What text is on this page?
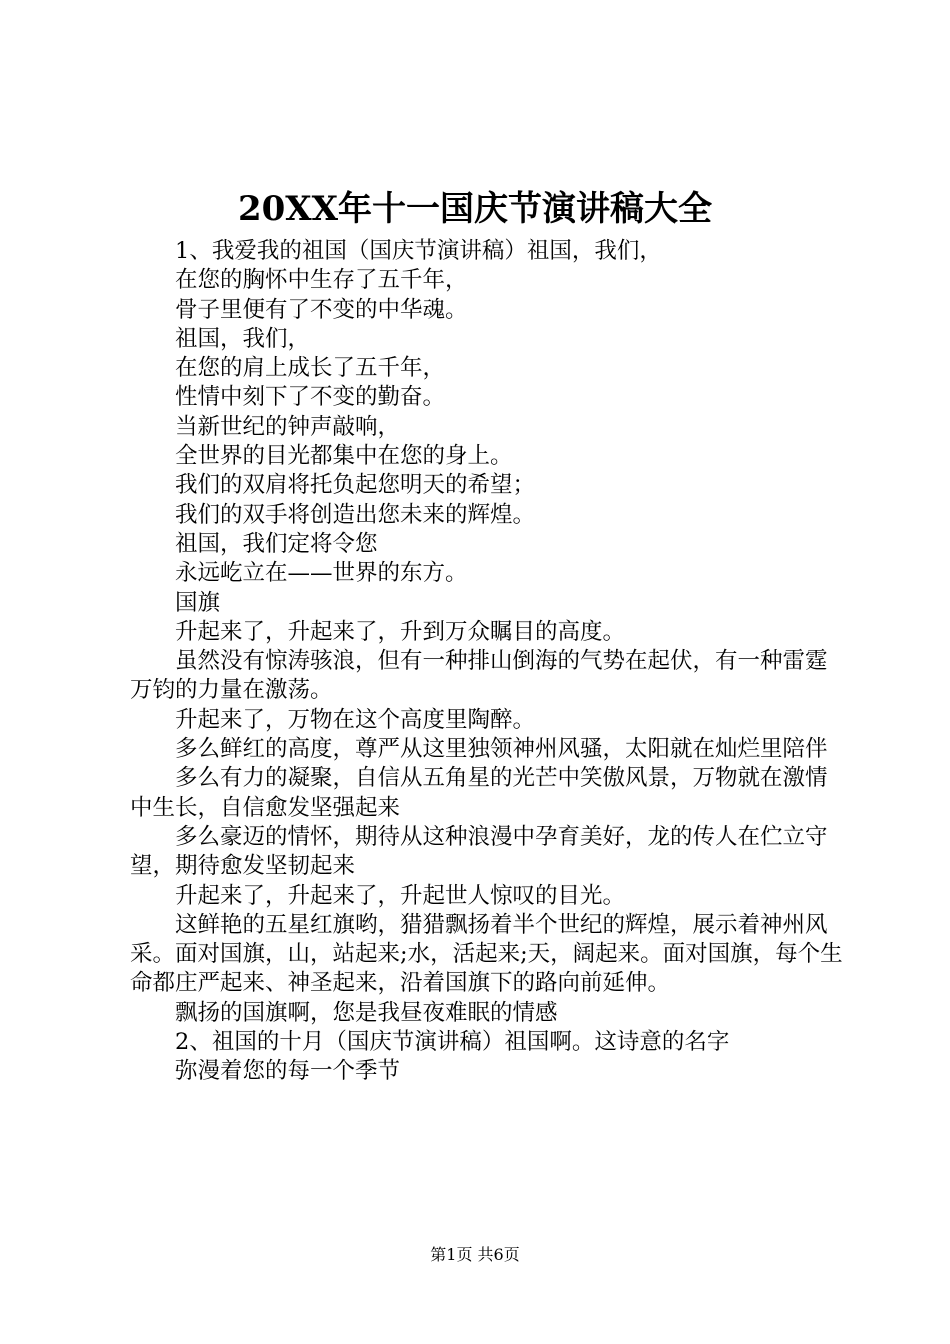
20XX年十一国庆节演讲稿大全

1、我爱我的祖国（国庆节演讲稿）祖国，我们，

在您的胸怀中生存了五千年，

骨子里便有了不变的中华魂。

祖国，我们，

在您的肩上成长了五千年，

性情中刻下了不变的勤奋。

当新世纪的钟声敲响，

全世界的目光都集中在您的身上。

我们的双肩将托负起您明天的希望；

我们的双手将创造出您未来的辉煌。

祖国，我们定将令您

永远屹立在——世界的东方。

国旗

升起来了，升起来了，升到万众瞩目的高度。

虽然没有惊涛骇浪，但有一种排山倒海的气势在起伏，有一种雷霆万钧的力量在激荡。

升起来了，万物在这个高度里陶醉。

多么鲜红的高度，尊严从这里独领神州风骚，太阳就在灿烂里陪伴

多么有力的凝聚，自信从五角星的光芒中笑傲风景，万物就在激情中生长，自信愈发坚强起来

多么豪迈的情怀，期待从这种浪漫中孕育美好，龙的传人在伫立守望，期待愈发坚韧起来

升起来了，升起来了，升起世人惊叹的目光。

这鲜艳的五星红旗哟，猎猎飘扬着半个世纪的辉煌，展示着神州风采。面对国旗，山，站起来;水，活起来;天，阔起来。面对国旗，每个生命都庄严起来、神圣起来，沿着国旗下的路向前延伸。

飘扬的国旗啊，您是我昼夜难眠的情感

2、祖国的十月（国庆节演讲稿）祖国啊。这诗意的名字

弥漫着您的每一个季节

第1页 共6页
